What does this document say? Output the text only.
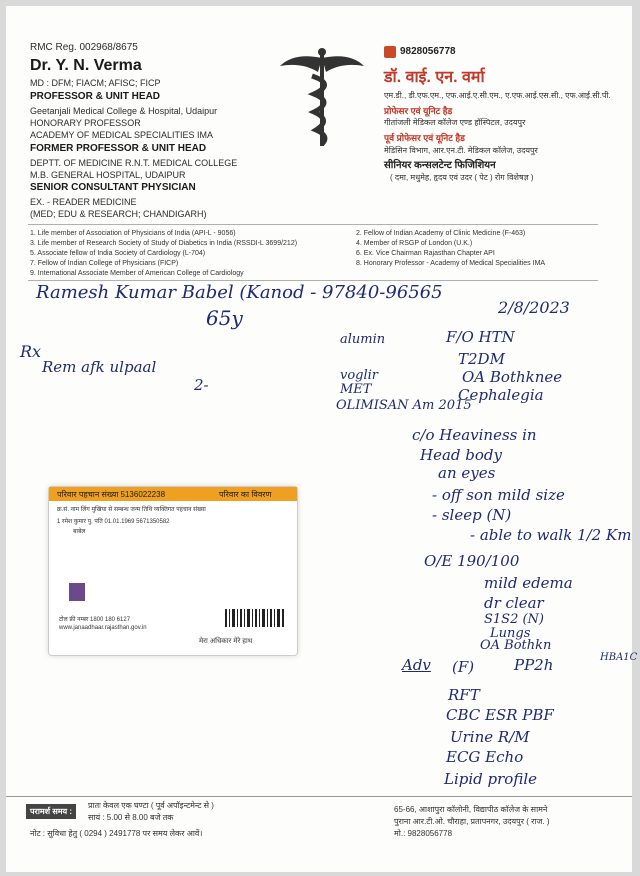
RMC Reg. 002968/8675
Dr. Y. N. Verma
MD : DFM; FIACM; AFISC; FICP
PROFESSOR & UNIT HEAD
Geetanjali Medical College & Hospital, Udaipur
HONORARY PROFESSOR
ACADEMY OF MEDICAL SPECIALITIES IMA
FORMER PROFESSOR & UNIT HEAD
DEPTT. OF MEDICINE R.N.T. MEDICAL COLLEGE
M.B. GENERAL HOSPITAL, UDAIPUR
SENIOR CONSULTANT PHYSICIAN
EX. - READER MEDICINE
(MED; EDU & RESEARCH; CHANDIGARH)
9828056778
डॉ. वाई. एन. वर्मा
एम.डी., डी.एफ.एम., एफ.आई.ए.सी.एम., ए.एफ.आई.एस.सी., एफ.आई.सी.पी.
प्रोफेसर एवं यूनिट हैड
गीतांजली मेडिकल कॉलेज एण्ड हॉस्पिटल, उदयपुर
पूर्व प्रोफेसर एवं यूनिट हैड
मेडिसिन विभाग, आर.एन.टी. मेडिकल कॉलेज, उदयपुर
सीनियर कन्सलटेन्ट फिजिशियन
( दमा, मधुमेह, हृदय एवं उदर ( पेट ) रोग विशेषज्ञ )
1. Life member of Association of Physicians of India (API-L - 9056)
3. Life member of Research Society of Study of Diabetics in India (RSSDI-L 3699/212)
5. Associate fellow of India Society of Cardiology (L-704)
7. Fellow of Indian College of Physicians (FICP)
9. International Associate Member of American College of Cardiology
2. Fellow of Indian Academy of Clinic Medicine (F-463)
4. Member of RSGP of London (U.K.)
6. Ex. Vice Chairman Rajasthan Chapter API
8. Honorary Professor - Academy of Medical Specialities IMA
Ramesh Kumar Babel (Kanod - 97840-96565
65y	2/8/2023
Rx
Rem afk ulpaal
2-
alumin
voglir
MET
OLIMISAN Am 2015
F/O HTN
T2DM
OA Bothknee
Cephalegia
c/o Heaviness in
Head body
an eyes
- off son mild size
- sleep (N)
- able to walk 1/2 Km
O/E 190/100
mild edema
dr clear
S1S2 (N)
Lungs
OA Bothkn
Adv (F)	PP2h	HBA1C
RFT
CBC ESR PBF
Urine R/M
ECG Echo
Lipid profile
परिवार पहचान संख्या 5136022238	परिवार का विवरण
क्र.सं. नाम लिंग मुखिया से सम्बन्ध जन्म तिथि व्यक्तिगत पहचान संख्या
1 रमेश कुमार पु. पति 01.01.1969 5671350582
बाबेल
टोल फ्री नम्बर 1800 180 6127
www.janaadhaar.rajasthan.gov.in
मेरा अधिकार मेरे हाथ
परामर्श समय :
प्रातः केवल एक घण्टा ( पूर्व अपॉइन्टमेन्ट से )
सायं : 5.00 से 8.00 बजे तक
नोट : सुविधा हेतु ( 0294 ) 2491778 पर समय लेकर आवें।
65-66, आशापुरा कॉलोनी, विद्यापीठ कॉलेज के सामने
पुराना आर.टी.ओ. चौराहा, प्रतापनगर, उदयपुर ( राज. )
मो.: 9828056778
